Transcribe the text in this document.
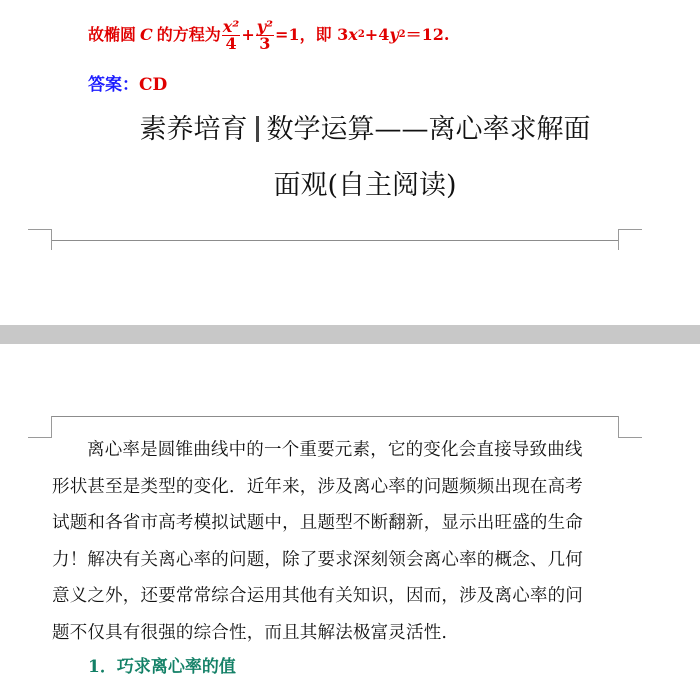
故椭圆 C 的方程为 $\frac{\text{x²}}{4} + \frac{\text{y²}}{3} =1$，即 3 x 2 +4 y 2 ＝12.
答案：CD
素养培育 数学运算——离心率求解面
面观(自主阅读)
离心率是圆锥曲线中的一个重要元素，它的变化会直接导致曲线
形状甚至是类型的变化．近年来，涉及离心率的问题频频出现在高考
试题和各省市高考模拟试题中，且题型不断翻新，显示出旺盛的生命
力！解决有关离心率的问题，除了要求深刻领会离心率的概念、几何
意义之外，还要常常综合运用其他有关知识，因而，涉及离心率的问
题不仅具有很强的综合性，而且其解法极富灵活性.
1．巧求离心率的值
